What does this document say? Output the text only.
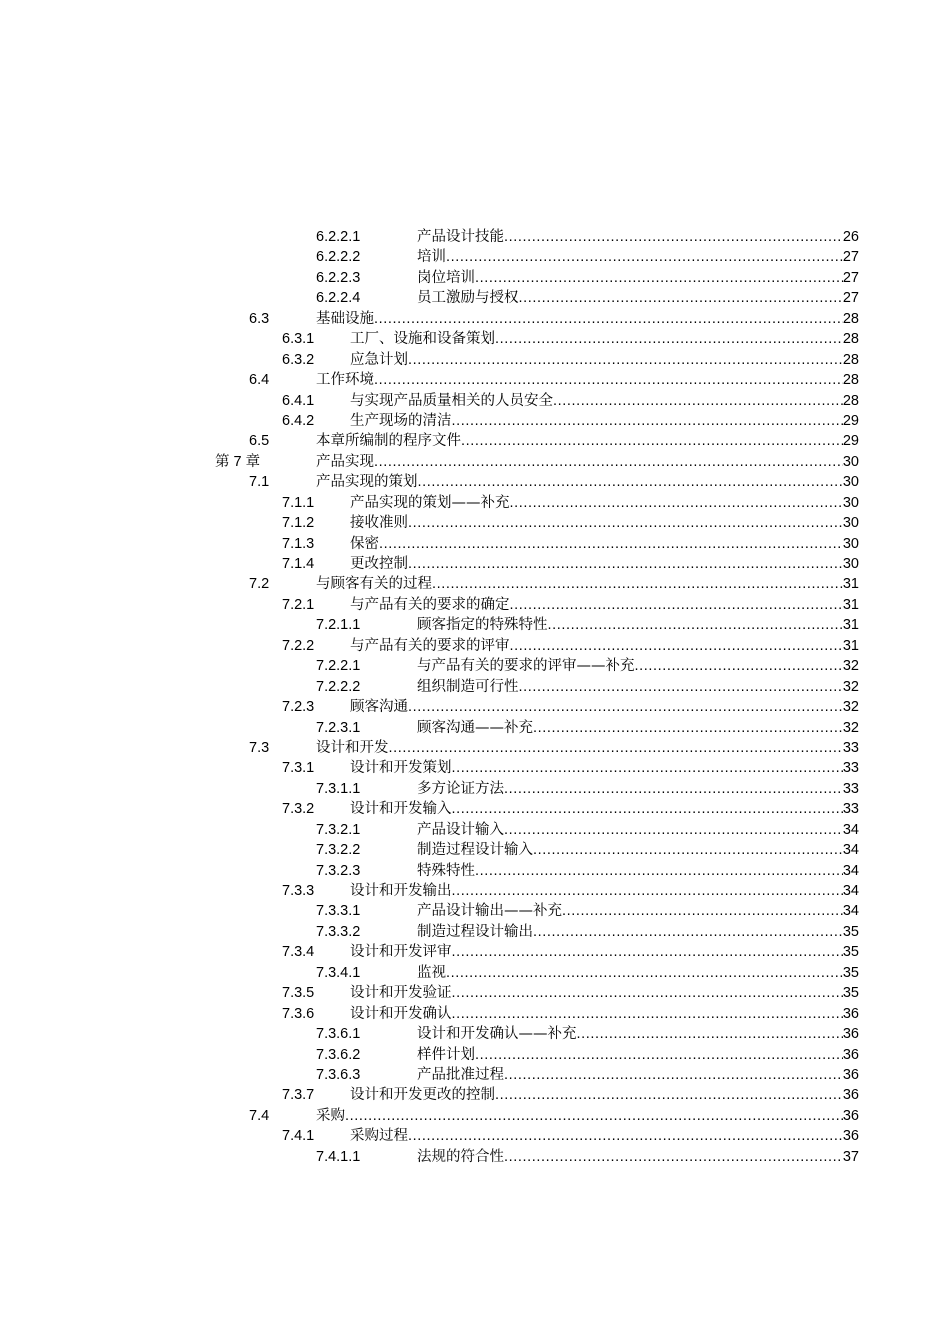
6.2.2.1	产品设计技能 .....	26
6.2.2.2	培训 .....	27
6.2.2.3	岗位培训 .....	27
6.2.2.4	员工激励与授权 .....	27
6.3	基础设施 .....	28
6.3.1 工厂、设施和设备策划 .....	28
6.3.2 应急计划 .....	28
6.4	工作环境 .....	28
6.4.1 与实现产品质量相关的人员安全 .....	28
6.4.2 生产现场的清洁 .....	29
6.5	本章所编制的程序文件 .....	29
第 7 章	产品实现 .....	30
7.1	产品实现的策划 .....	30
7.1.1 产品实现的策划——补充 .....	30
7.1.2 接收准则 .....	30
7.1.3 保密 .....	30
7.1.4 更改控制 .....	30
7.2	与顾客有关的过程 .....	31
7.2.1 与产品有关的要求的确定 .....	31
7.2.1.1	顾客指定的特殊特性 .....	31
7.2.2 与产品有关的要求的评审 .....	31
7.2.2.1	与产品有关的要求的评审——补充 .....	32
7.2.2.2	组织制造可行性 .....	32
7.2.3 顾客沟通 .....	32
7.2.3.1	顾客沟通——补充 .....	32
7.3	设计和开发 .....	33
7.3.1 设计和开发策划 .....	33
7.3.1.1	多方论证方法 .....	33
7.3.2 设计和开发输入 .....	33
7.3.2.1	产品设计输入 .....	34
7.3.2.2	制造过程设计输入 .....	34
7.3.2.3	特殊特性 .....	34
7.3.3 设计和开发输出 .....	34
7.3.3.1	产品设计输出——补充 .....	34
7.3.3.2	制造过程设计输出 .....	35
7.3.4 设计和开发评审 .....	35
7.3.4.1	监视 .....	35
7.3.5 设计和开发验证 .....	35
7.3.6 设计和开发确认 .....	36
7.3.6.1	设计和开发确认——补充 .....	36
7.3.6.2	样件计划 .....	36
7.3.6.3	产品批准过程 .....	36
7.3.7 设计和开发更改的控制 .....	36
7.4	采购 .....	36
7.4.1 采购过程 .....	36
7.4.1.1	法规的符合性 .....	37
